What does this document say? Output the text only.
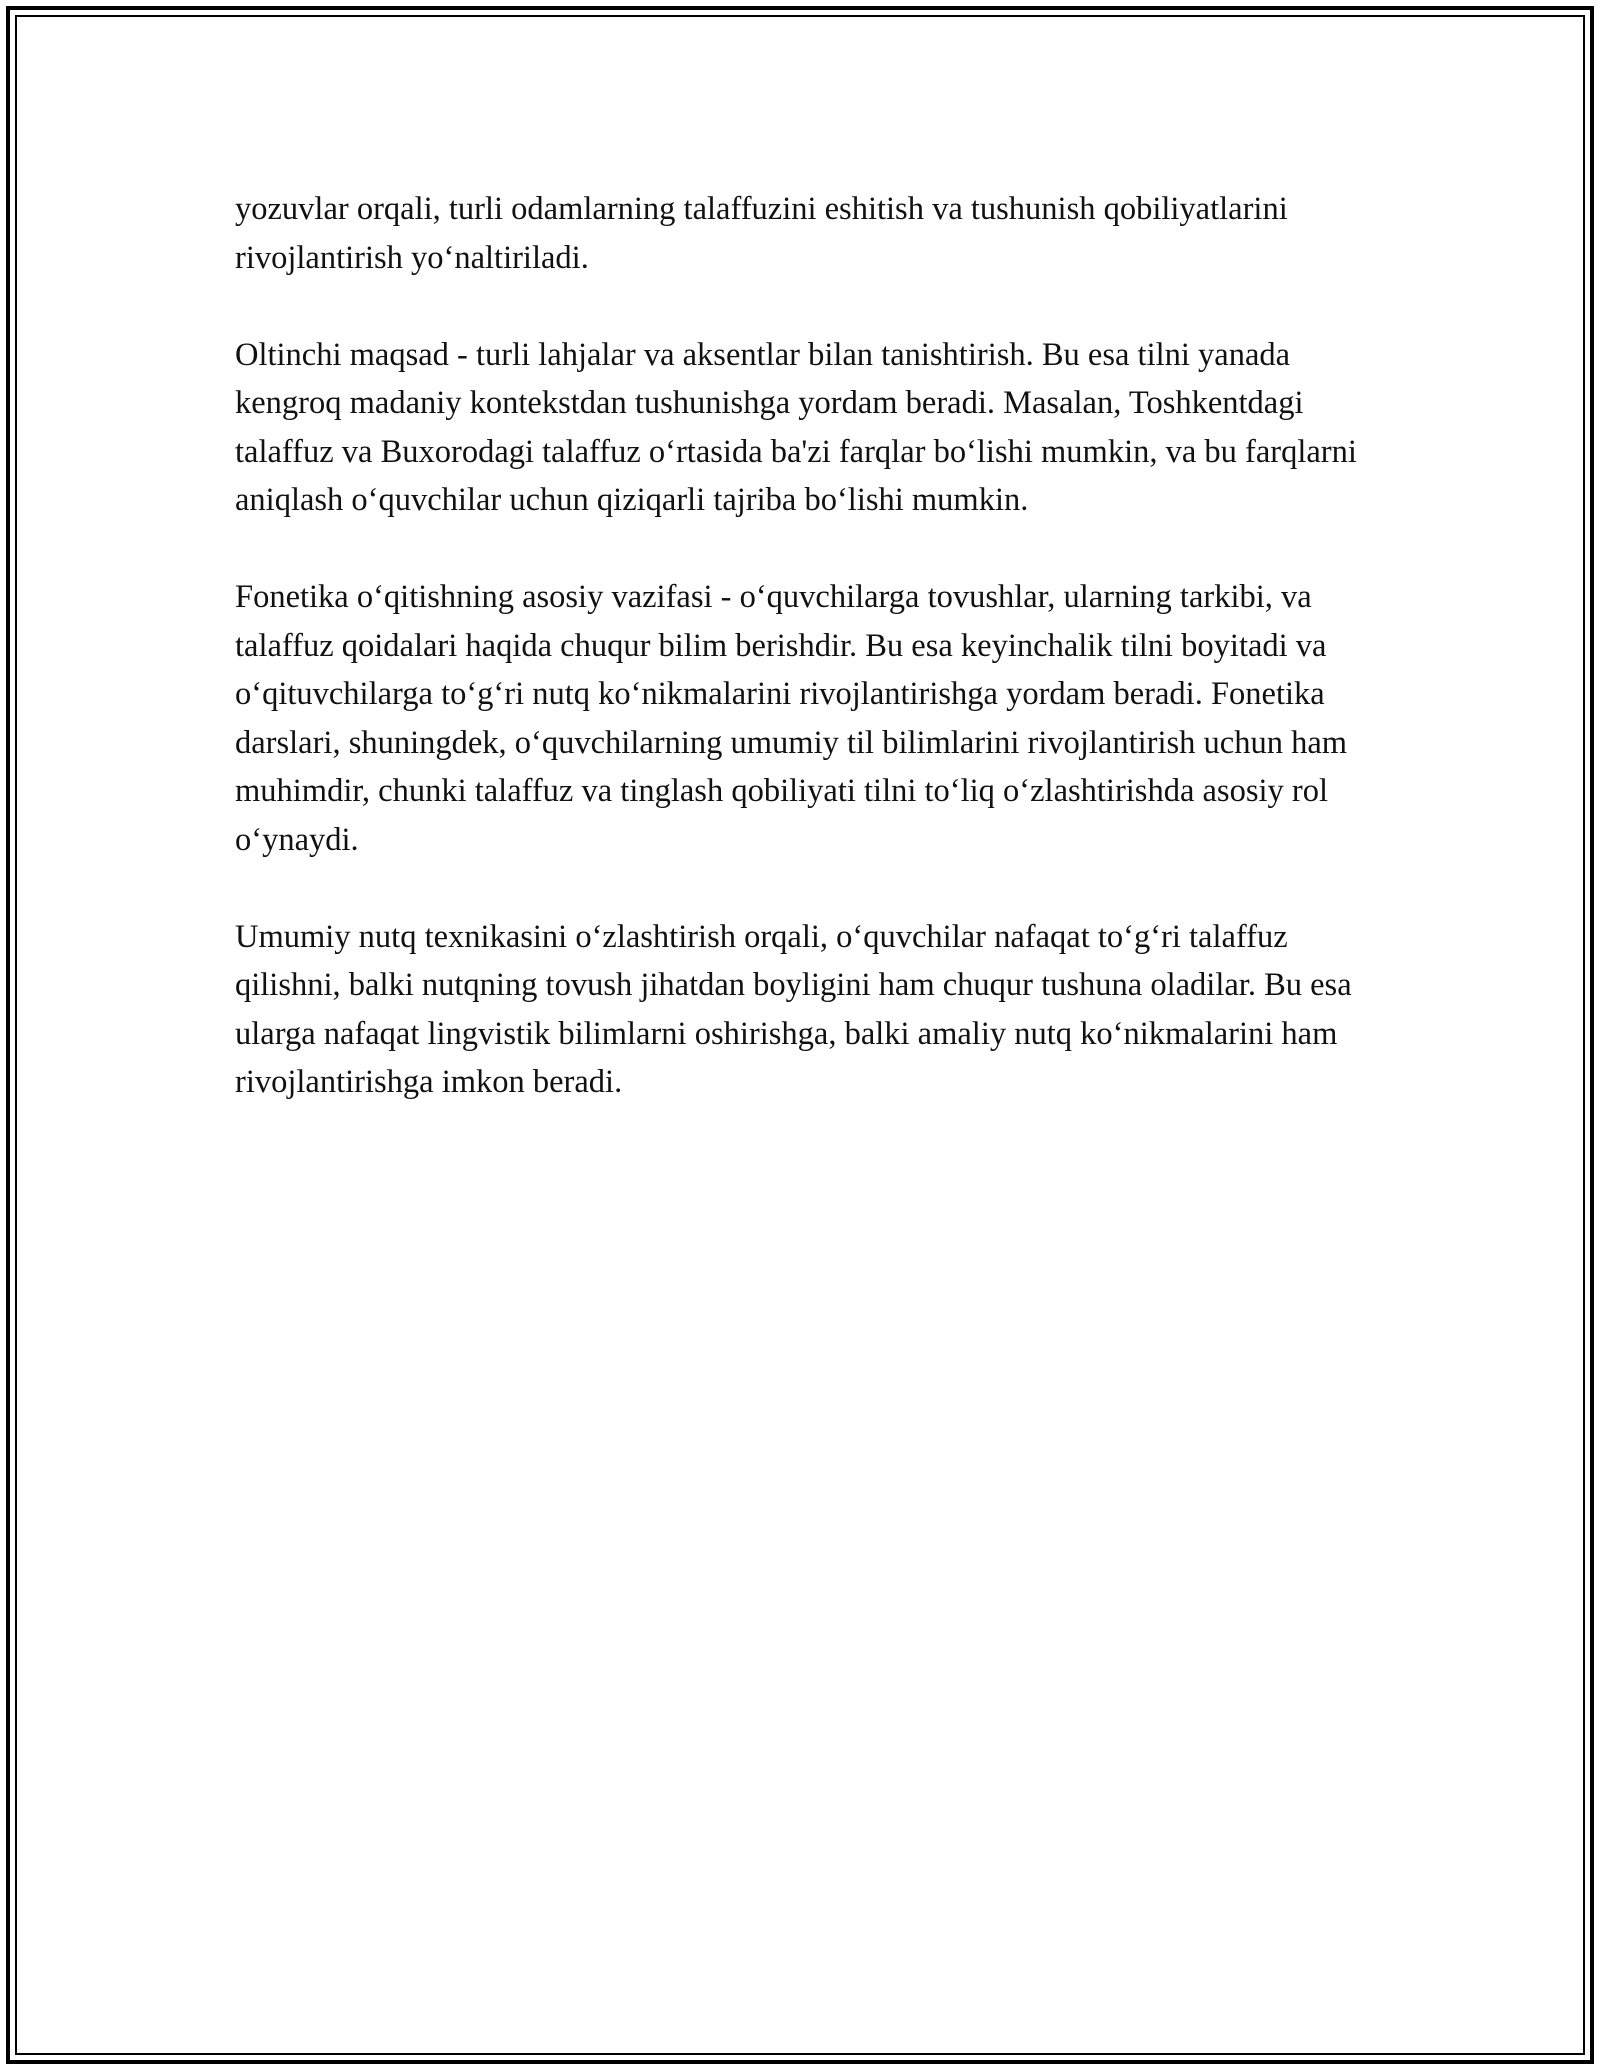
yozuvlar orqali, turli odamlarning talaffuzini eshitish va tushunish qobiliyatlarini rivojlantirish yo‘naltiriladi.

Oltinchi maqsad - turli lahjalar va aksentlar bilan tanishtirish. Bu esa tilni yanada kengroq madaniy kontekstdan tushunishga yordam beradi. Masalan, Toshkentdagi talaffuz va Buxorodagi talaffuz o‘rtasida ba'zi farqlar bo‘lishi mumkin, va bu farqlarni aniqlash o‘quvchilar uchun qiziqarli tajriba bo‘lishi mumkin.

Fonetika o‘qitishning asosiy vazifasi - o‘quvchilarga tovushlar, ularning tarkibi, va talaffuz qoidalari haqida chuqur bilim berishdir. Bu esa keyinchalik tilni boyitadi va o‘qituvchilarga to‘g‘ri nutq ko‘nikmalarini rivojlantirishga yordam beradi. Fonetika darslari, shuningdek, o‘quvchilarning umumiy til bilimlarini rivojlantirish uchun ham muhimdir, chunki talaffuz va tinglash qobiliyati tilni to‘liq o‘zlashtirishda asosiy rol o‘ynaydi.

Umumiy nutq texnikasini o‘zlashtirish orqali, o‘quvchilar nafaqat to‘g‘ri talaffuz qilishni, balki nutqning tovush jihatdan boyligini ham chuqur tushuna oladilar. Bu esa ularga nafaqat lingvistik bilimlarni oshirishga, balki amaliy nutq ko‘nikmalarini ham rivojlantirishga imkon beradi.
